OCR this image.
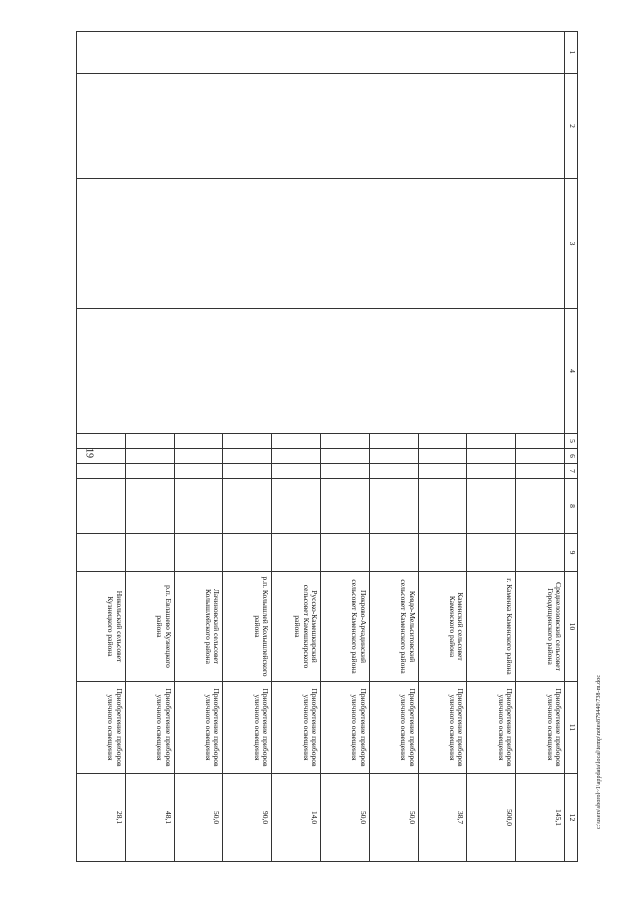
19
1	2	3	4	5	6	7	8	9	10	11	12
									Среднелозовский сельсовет Городищенского района	Приобретение приборов уличного освещения	145,1
									г. Каменка Каменского района	Приобретение приборов уличного освещения	500,0
									Каменский сельсовет Каменского района	Приобретение приборов уличного освещения	38,7
									Кевдо-Мельситовский сельсовет Каменского района	Приобретение приборов уличного освещения	50,0
									Покрово-Арчадинский сельсовет Каменского района	Приобретение приборов уличного освещения	50,0
									Русско-Камешкирский сельсовет Камешкирского района	Приобретение приборов уличного освещения	14,0
									р.п. Колышлей Колышлейского района	Приобретение приборов уличного освещения	90,0
									Лачиновский сельсовет Колышлейского района	Приобретение приборов уличного освещения	50,0
									р.п. Евлашево Кузнецкого района	Приобретение приборов уличного освещения	48,1
									Никольский сельсовет Кузнецкого района	Приобретение приборов уличного освещения	28,1	c:\users\sborol~1\appdata\local\temp\notes879440\738-m.doc
